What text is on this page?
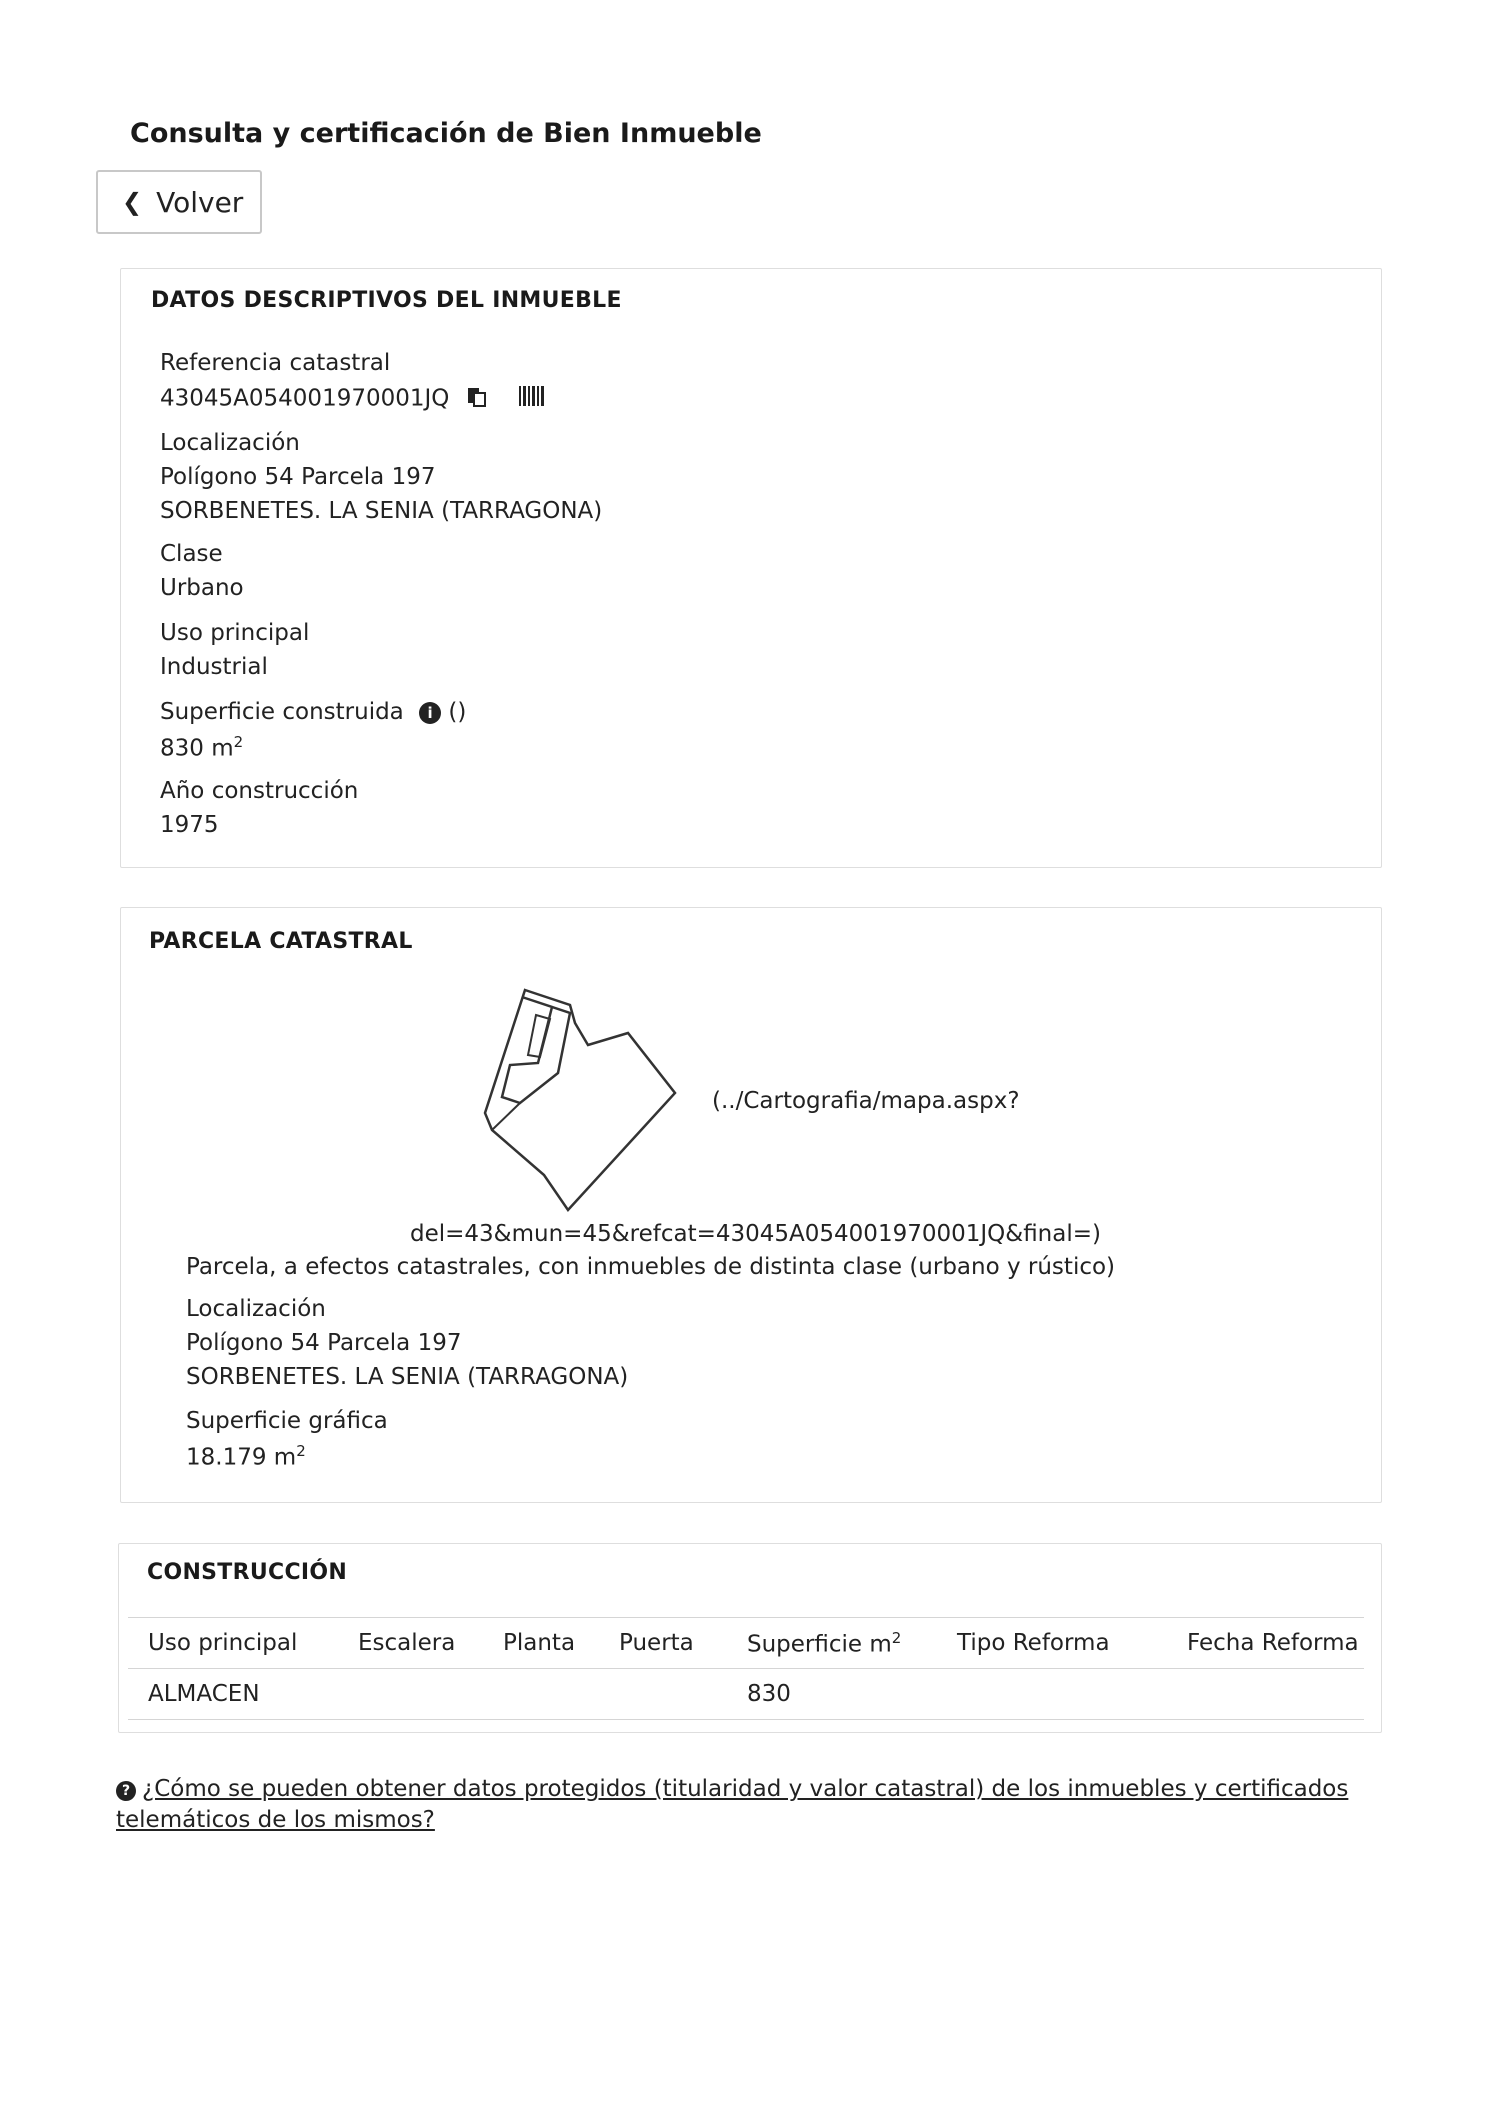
Consulta y certificación de Bien Inmueble
❮ Volver
DATOS DESCRIPTIVOS DEL INMUEBLE
Referencia catastral
43045A054001970001JQ
Localización
Polígono 54 Parcela 197
SORBENETES. LA SENIA (TARRAGONA)
Clase
Urbano
Uso principal
Industrial
Superficie construida i ()
830 $m^2$
Año construcción
1975
PARCELA CATASTRAL
(../Cartografia/mapa.aspx?
del=43&mun=45&refcat=43045A054001970001JQ&final=)
Parcela, a efectos catastrales, con inmuebles de distinta clase (urbano y rústico)
Localización
Polígono 54 Parcela 197
SORBENETES. LA SENIA (TARRAGONA)
Superficie gráfica
18.179 $m^2$
CONSTRUCCIÓN
Uso principal	Escalera	Planta	Puerta	Superficie $m^2$	Tipo Reforma	Fecha Reforma
ALMACEN				830		
? ¿Cómo se pueden obtener datos protegidos (titularidad y valor catastral) de los inmuebles y certificados
telemáticos de los mismos?
